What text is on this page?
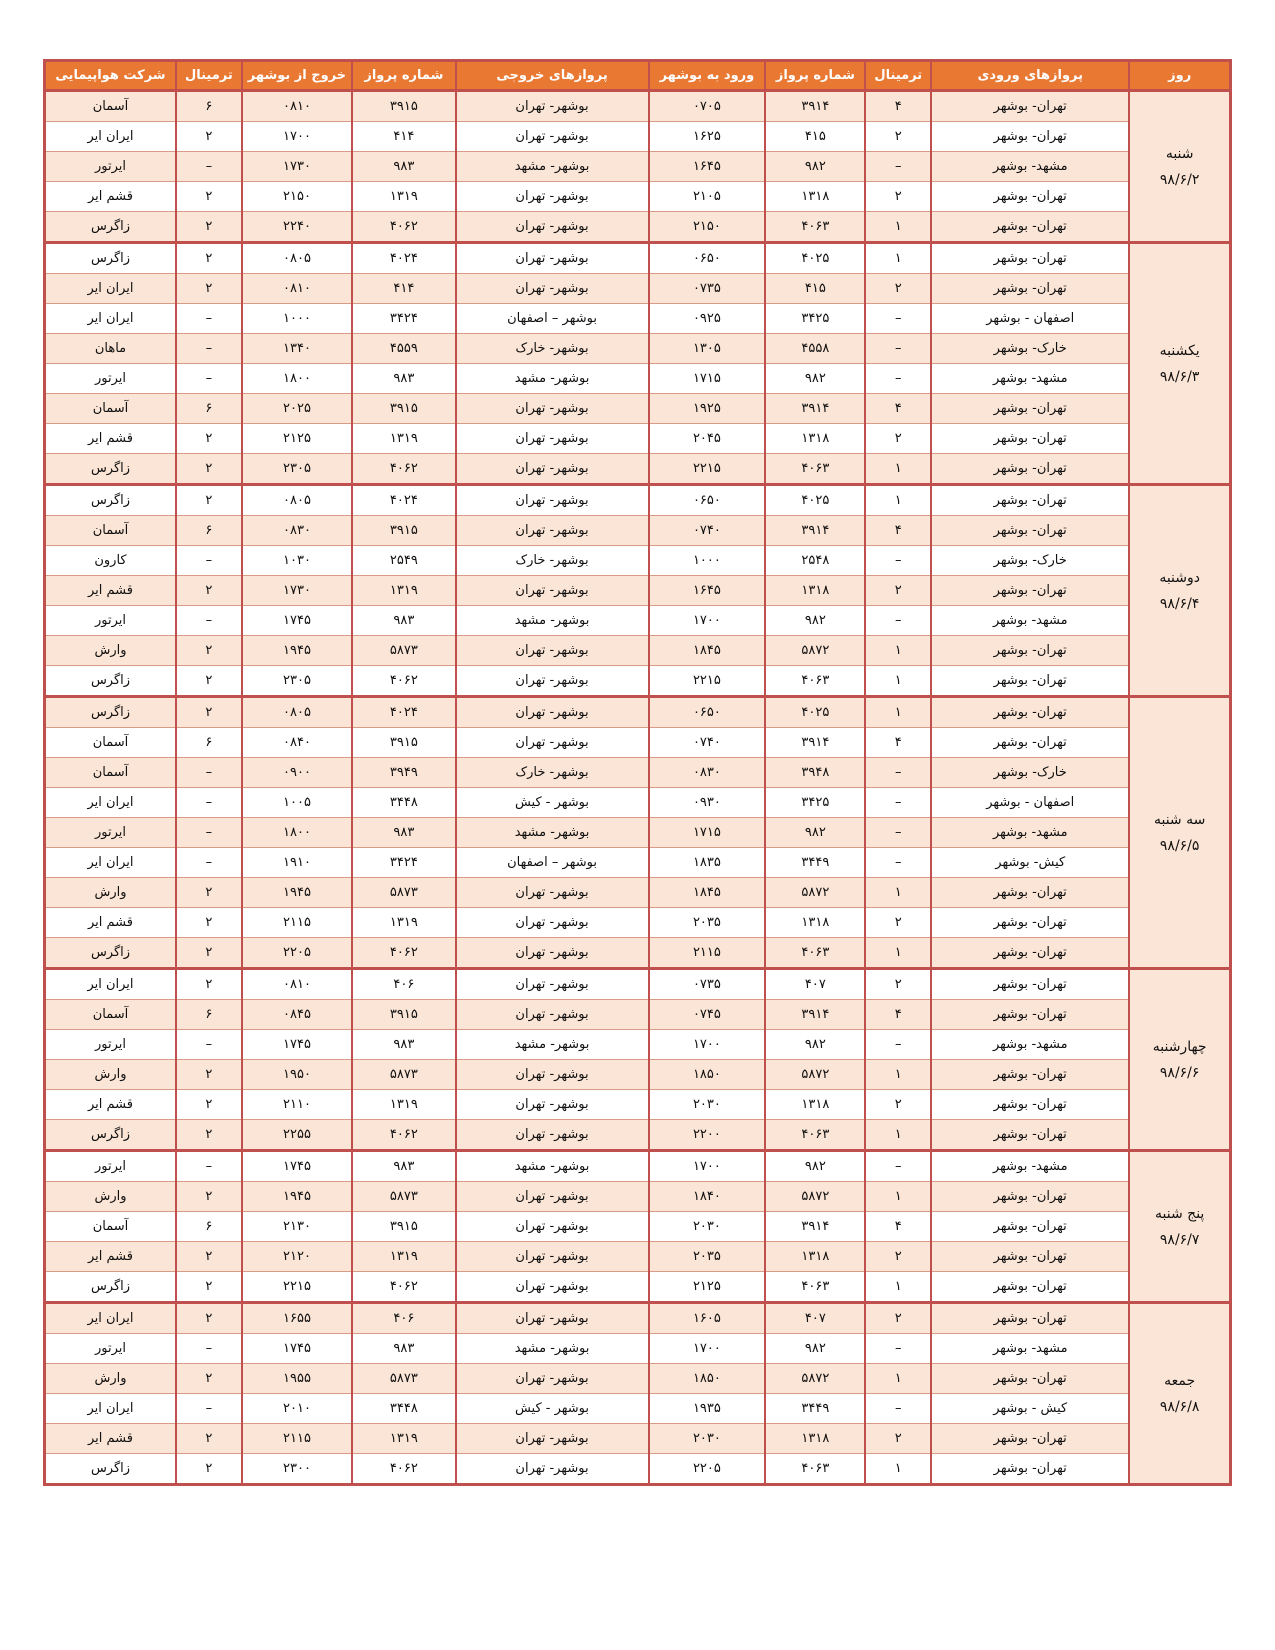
روز	پروازهای ورودی	ترمینال	شماره پرواز	ورود به بوشهر	پروازهای خروجی	شماره پرواز	خروج از بوشهر	ترمینال	شرکت هواپیمایی

شنبه
۹۸/۶/۲	تهران- بوشهر	۴	۳۹۱۴	۰۷۰۵	بوشهر- تهران	۳۹۱۵	۰۸۱۰	۶	آسمان
	تهران- بوشهر	۲	۴۱۵	۱۶۲۵	بوشهر- تهران	۴۱۴	۱۷۰۰	۲	ایران ایر
	مشهد- بوشهر	–	۹۸۲	۱۶۴۵	بوشهر- مشهد	۹۸۳	۱۷۳۰	–	ایرتور
	تهران- بوشهر	۲	۱۳۱۸	۲۱۰۵	بوشهر- تهران	۱۳۱۹	۲۱۵۰	۲	قشم ایر
	تهران- بوشهر	۱	۴۰۶۳	۲۱۵۰	بوشهر- تهران	۴۰۶۲	۲۲۴۰	۲	زاگرس

یکشنبه
۹۸/۶/۳	تهران- بوشهر	۱	۴۰۲۵	۰۶۵۰	بوشهر- تهران	۴۰۲۴	۰۸۰۵	۲	زاگرس
	تهران- بوشهر	۲	۴۱۵	۰۷۳۵	بوشهر- تهران	۴۱۴	۰۸۱۰	۲	ایران ایر
	اصفهان - بوشهر	–	۳۴۲۵	۰۹۲۵	بوشهر – اصفهان	۳۴۲۴	۱۰۰۰	–	ایران ایر
	خارک- بوشهر	–	۴۵۵۸	۱۳۰۵	بوشهر- خارک	۴۵۵۹	۱۳۴۰	–	ماهان
	مشهد- بوشهر	–	۹۸۲	۱۷۱۵	بوشهر- مشهد	۹۸۳	۱۸۰۰	–	ایرتور
	تهران- بوشهر	۴	۳۹۱۴	۱۹۲۵	بوشهر- تهران	۳۹۱۵	۲۰۲۵	۶	آسمان
	تهران- بوشهر	۲	۱۳۱۸	۲۰۴۵	بوشهر- تهران	۱۳۱۹	۲۱۲۵	۲	قشم ایر
	تهران- بوشهر	۱	۴۰۶۳	۲۲۱۵	بوشهر- تهران	۴۰۶۲	۲۳۰۵	۲	زاگرس

دوشنبه
۹۸/۶/۴	تهران- بوشهر	۱	۴۰۲۵	۰۶۵۰	بوشهر- تهران	۴۰۲۴	۰۸۰۵	۲	زاگرس
	تهران- بوشهر	۴	۳۹۱۴	۰۷۴۰	بوشهر- تهران	۳۹۱۵	۰۸۳۰	۶	آسمان
	خارک- بوشهر	–	۲۵۴۸	۱۰۰۰	بوشهر- خارک	۲۵۴۹	۱۰۳۰	–	کارون
	تهران- بوشهر	۲	۱۳۱۸	۱۶۴۵	بوشهر- تهران	۱۳۱۹	۱۷۳۰	۲	قشم ایر
	مشهد- بوشهر	–	۹۸۲	۱۷۰۰	بوشهر- مشهد	۹۸۳	۱۷۴۵	–	ایرتور
	تهران- بوشهر	۱	۵۸۷۲	۱۸۴۵	بوشهر- تهران	۵۸۷۳	۱۹۴۵	۲	وارش
	تهران- بوشهر	۱	۴۰۶۳	۲۲۱۵	بوشهر- تهران	۴۰۶۲	۲۳۰۵	۲	زاگرس

سه شنبه
۹۸/۶/۵	تهران- بوشهر	۱	۴۰۲۵	۰۶۵۰	بوشهر- تهران	۴۰۲۴	۰۸۰۵	۲	زاگرس
	تهران- بوشهر	۴	۳۹۱۴	۰۷۴۰	بوشهر- تهران	۳۹۱۵	۰۸۴۰	۶	آسمان
	خارک- بوشهر	–	۳۹۴۸	۰۸۳۰	بوشهر- خارک	۳۹۴۹	۰۹۰۰	–	آسمان
	اصفهان - بوشهر	–	۳۴۲۵	۰۹۳۰	بوشهر - کیش	۳۴۴۸	۱۰۰۵	–	ایران ایر
	مشهد- بوشهر	–	۹۸۲	۱۷۱۵	بوشهر- مشهد	۹۸۳	۱۸۰۰	–	ایرتور
	کیش- بوشهر	–	۳۴۴۹	۱۸۳۵	بوشهر – اصفهان	۳۴۲۴	۱۹۱۰	–	ایران ایر
	تهران- بوشهر	۱	۵۸۷۲	۱۸۴۵	بوشهر- تهران	۵۸۷۳	۱۹۴۵	۲	وارش
	تهران- بوشهر	۲	۱۳۱۸	۲۰۳۵	بوشهر- تهران	۱۳۱۹	۲۱۱۵	۲	قشم ایر
	تهران- بوشهر	۱	۴۰۶۳	۲۱۱۵	بوشهر- تهران	۴۰۶۲	۲۲۰۵	۲	زاگرس

چهارشنبه
۹۸/۶/۶	تهران- بوشهر	۲	۴۰۷	۰۷۳۵	بوشهر- تهران	۴۰۶	۰۸۱۰	۲	ایران ایر
	تهران- بوشهر	۴	۳۹۱۴	۰۷۴۵	بوشهر- تهران	۳۹۱۵	۰۸۴۵	۶	آسمان
	مشهد- بوشهر	–	۹۸۲	۱۷۰۰	بوشهر- مشهد	۹۸۳	۱۷۴۵	–	ایرتور
	تهران- بوشهر	۱	۵۸۷۲	۱۸۵۰	بوشهر- تهران	۵۸۷۳	۱۹۵۰	۲	وارش
	تهران- بوشهر	۲	۱۳۱۸	۲۰۳۰	بوشهر- تهران	۱۳۱۹	۲۱۱۰	۲	قشم ایر
	تهران- بوشهر	۱	۴۰۶۳	۲۲۰۰	بوشهر- تهران	۴۰۶۲	۲۲۵۵	۲	زاگرس

پنج شنبه
۹۸/۶/۷	مشهد- بوشهر	–	۹۸۲	۱۷۰۰	بوشهر- مشهد	۹۸۳	۱۷۴۵	–	ایرتور
	تهران- بوشهر	۱	۵۸۷۲	۱۸۴۰	بوشهر- تهران	۵۸۷۳	۱۹۴۵	۲	وارش
	تهران- بوشهر	۴	۳۹۱۴	۲۰۳۰	بوشهر- تهران	۳۹۱۵	۲۱۳۰	۶	آسمان
	تهران- بوشهر	۲	۱۳۱۸	۲۰۳۵	بوشهر- تهران	۱۳۱۹	۲۱۲۰	۲	قشم ایر
	تهران- بوشهر	۱	۴۰۶۳	۲۱۲۵	بوشهر- تهران	۴۰۶۲	۲۲۱۵	۲	زاگرس

جمعه
۹۸/۶/۸	تهران- بوشهر	۲	۴۰۷	۱۶۰۵	بوشهر- تهران	۴۰۶	۱۶۵۵	۲	ایران ایر
	مشهد- بوشهر	–	۹۸۲	۱۷۰۰	بوشهر- مشهد	۹۸۳	۱۷۴۵	–	ایرتور
	تهران- بوشهر	۱	۵۸۷۲	۱۸۵۰	بوشهر- تهران	۵۸۷۳	۱۹۵۵	۲	وارش
	کیش - بوشهر	–	۳۴۴۹	۱۹۳۵	بوشهر - کیش	۳۴۴۸	۲۰۱۰	–	ایران ایر
	تهران- بوشهر	۲	۱۳۱۸	۲۰۳۰	بوشهر- تهران	۱۳۱۹	۲۱۱۵	۲	قشم ایر
	تهران- بوشهر	۱	۴۰۶۳	۲۲۰۵	بوشهر- تهران	۴۰۶۲	۲۳۰۰	۲	زاگرس
